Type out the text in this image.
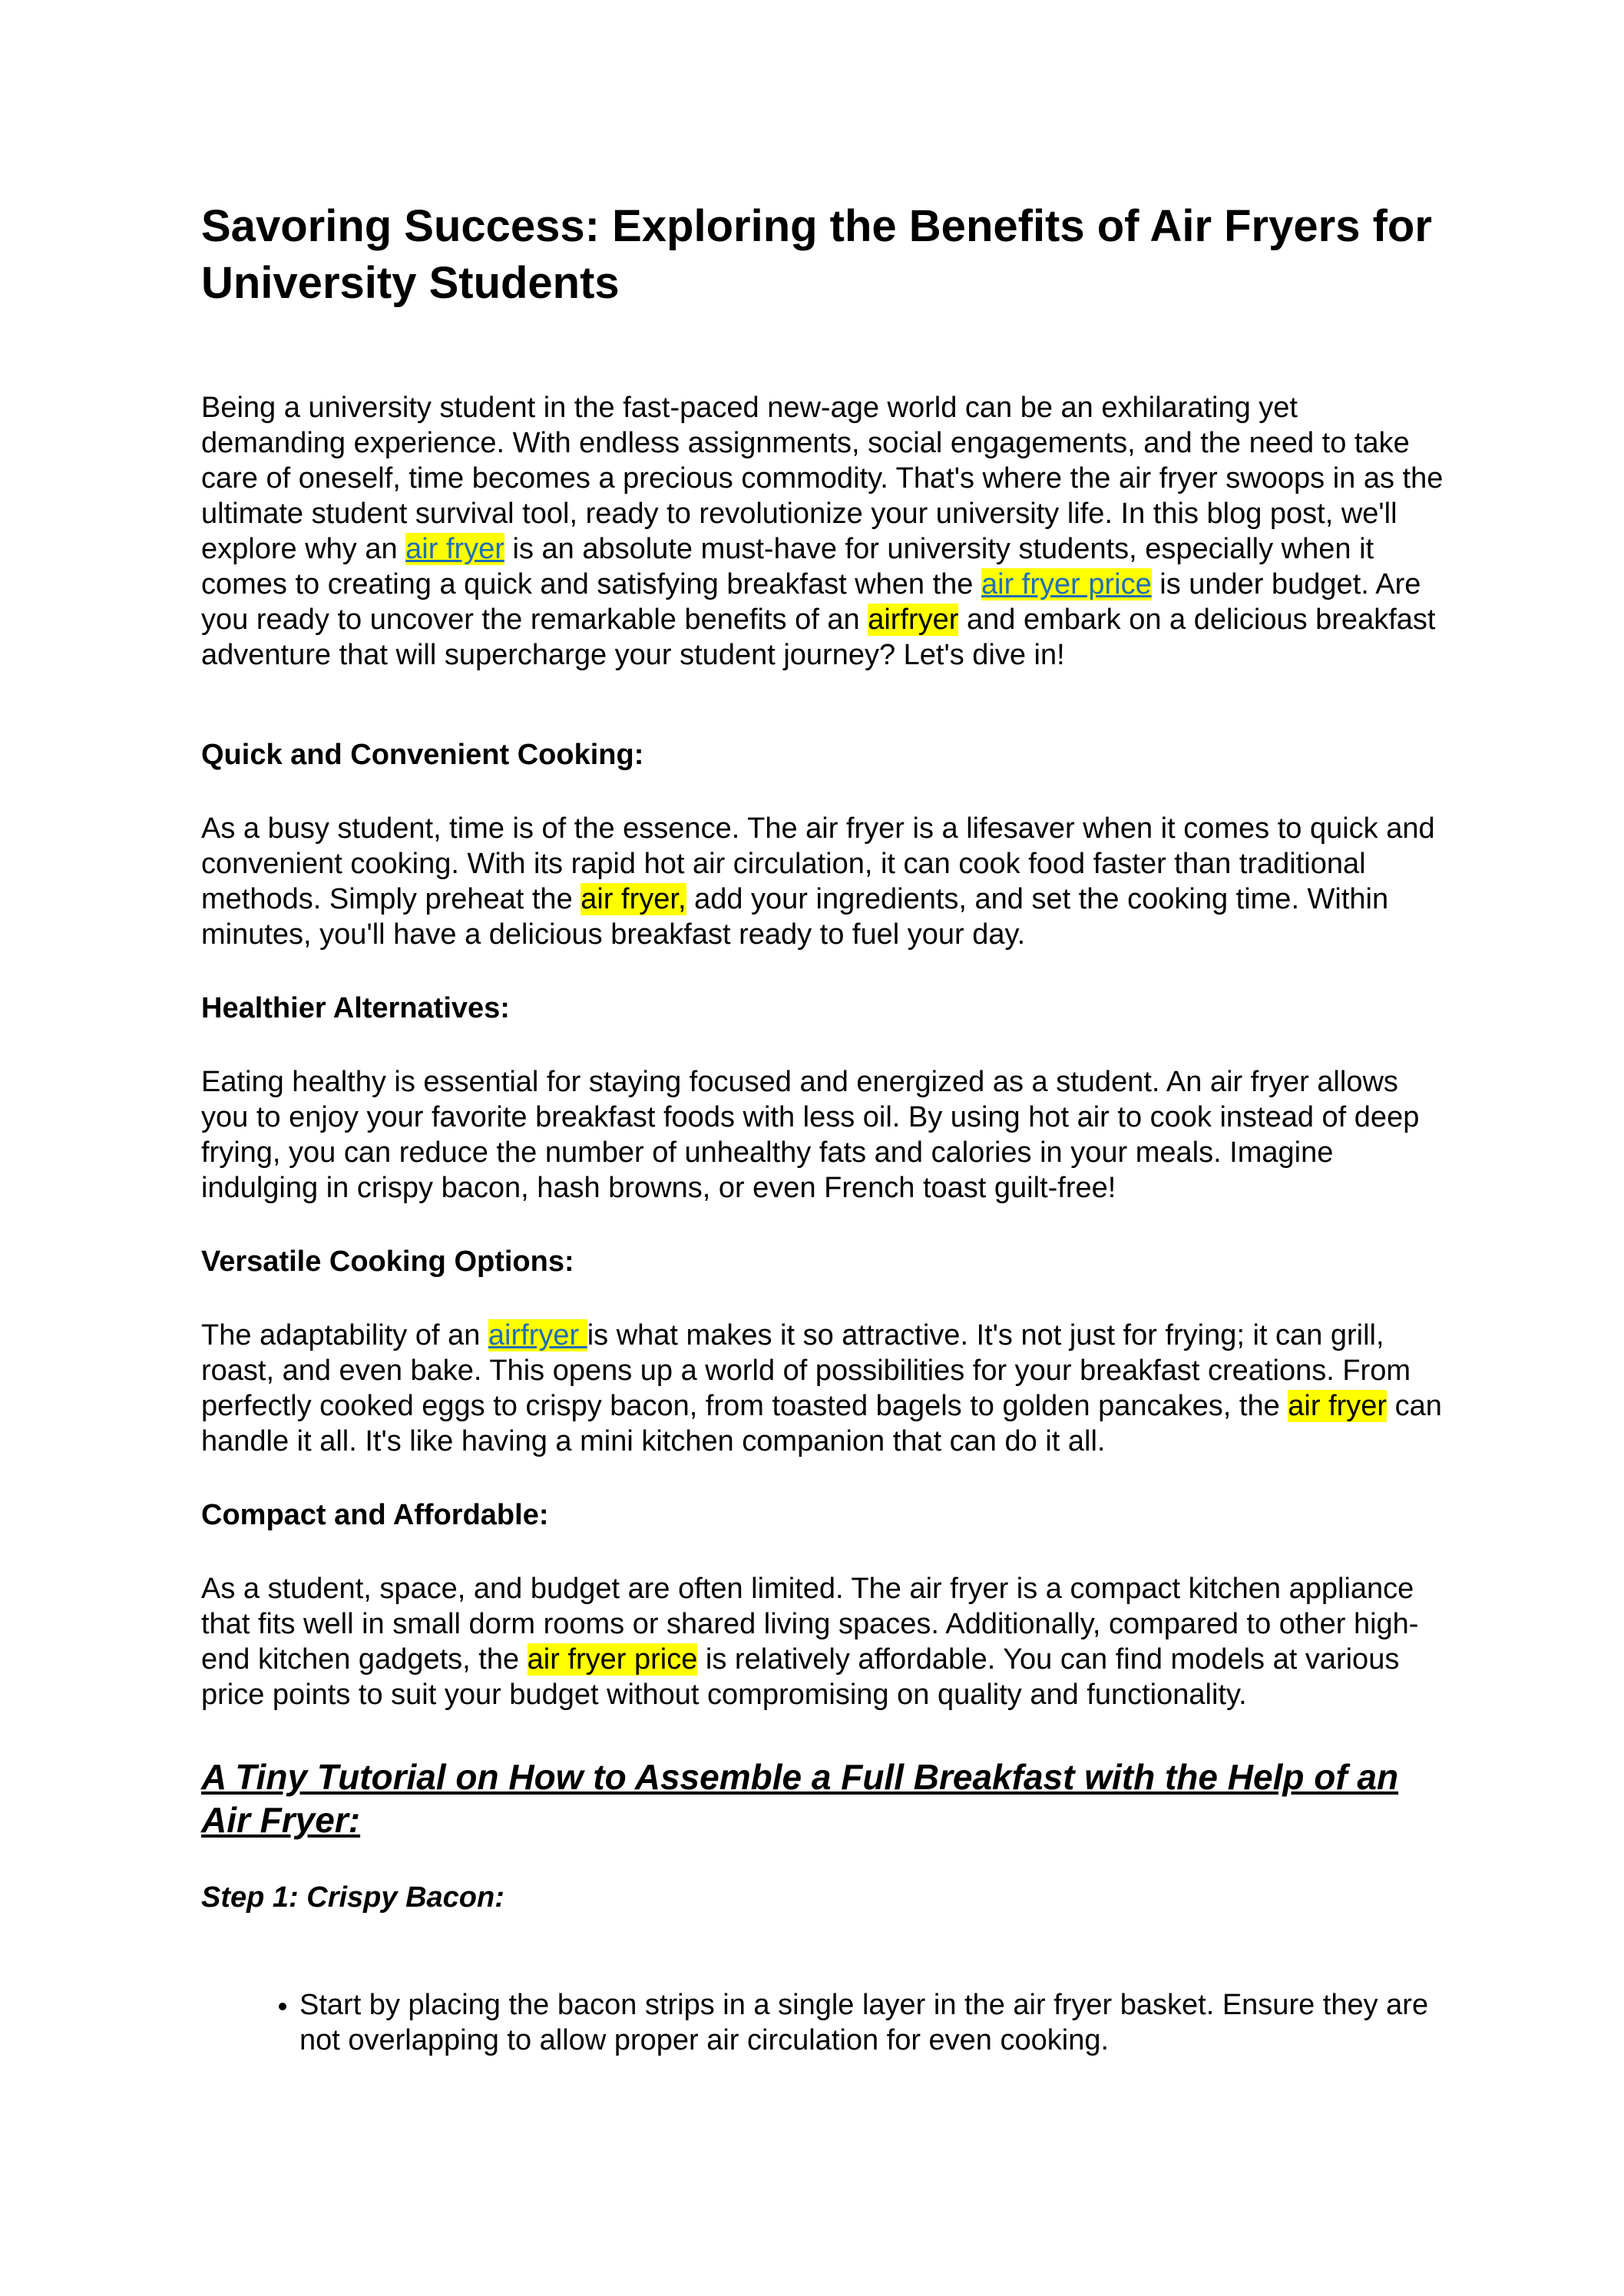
Savoring Success: Exploring the Benefits of Air Fryers for University Students

Being a university student in the fast-paced new-age world can be an exhilarating yet demanding experience. With endless assignments, social engagements, and the need to take care of oneself, time becomes a precious commodity. That's where the air fryer swoops in as the ultimate student survival tool, ready to revolutionize your university life. In this blog post, we'll explore why an air fryer is an absolute must-have for university students, especially when it comes to creating a quick and satisfying breakfast when the air fryer price is under budget. Are you ready to uncover the remarkable benefits of an airfryer and embark on a delicious breakfast adventure that will supercharge your student journey? Let's dive in!

Quick and Convenient Cooking:

As a busy student, time is of the essence. The air fryer is a lifesaver when it comes to quick and convenient cooking. With its rapid hot air circulation, it can cook food faster than traditional methods. Simply preheat the air fryer, add your ingredients, and set the cooking time. Within minutes, you'll have a delicious breakfast ready to fuel your day.

Healthier Alternatives:

Eating healthy is essential for staying focused and energized as a student. An air fryer allows you to enjoy your favorite breakfast foods with less oil. By using hot air to cook instead of deep frying, you can reduce the number of unhealthy fats and calories in your meals. Imagine indulging in crispy bacon, hash browns, or even French toast guilt-free!

Versatile Cooking Options:

The adaptability of an airfryer is what makes it so attractive. It's not just for frying; it can grill, roast, and even bake. This opens up a world of possibilities for your breakfast creations. From perfectly cooked eggs to crispy bacon, from toasted bagels to golden pancakes, the air fryer can handle it all. It's like having a mini kitchen companion that can do it all.

Compact and Affordable:

As a student, space, and budget are often limited. The air fryer is a compact kitchen appliance that fits well in small dorm rooms or shared living spaces. Additionally, compared to other high-end kitchen gadgets, the air fryer price is relatively affordable. You can find models at various price points to suit your budget without compromising on quality and functionality.

A Tiny Tutorial on How to Assemble a Full Breakfast with the Help of an Air Fryer:
Step 1: Crispy Bacon:
• Start by placing the bacon strips in a single layer in the air fryer basket. Ensure they are not overlapping to allow proper air circulation for even cooking.
